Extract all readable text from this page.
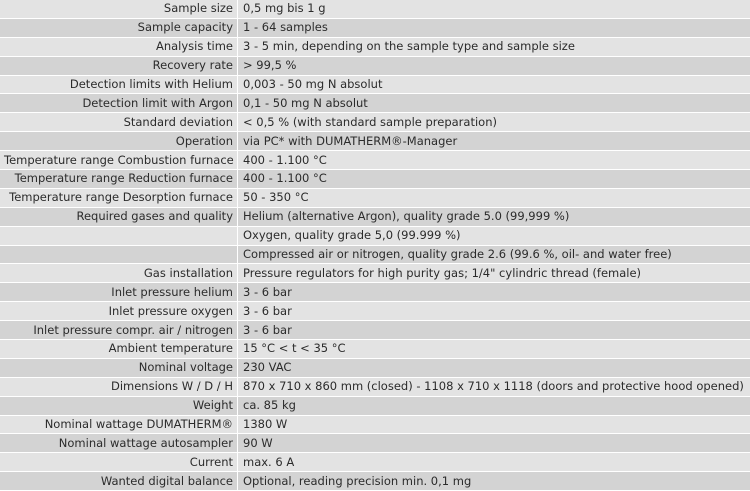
Sample size	0,5 mg bis 1 g
Sample capacity	1 - 64 samples
Analysis time	3 - 5 min, depending on the sample type and sample size
Recovery rate	> 99,5 %
Detection limits with Helium	0,003 - 50 mg N absolut
Detection limit with Argon	0,1 - 50 mg N absolut
Standard deviation	< 0,5 % (with standard sample preparation)
Operation	via PC* with DUMATHERM®-Manager
Temperature range Combustion furnace	400 - 1.100 °C
Temperature range Reduction furnace	400 - 1.100 °C
Temperature range Desorption furnace	50 - 350 °C
Required gases and quality	Helium (alternative Argon), quality grade 5.0 (99,999 %)
	Oxygen, quality grade 5,0 (99.999 %)
	Compressed air or nitrogen, quality grade 2.6 (99.6 %, oil- and water free)
Gas installation	Pressure regulators for high purity gas; 1/4" cylindric thread (female)
Inlet pressure helium	3 - 6 bar
Inlet pressure oxygen	3 - 6 bar
Inlet pressure compr. air / nitrogen	3 - 6 bar
Ambient temperature	15 °C < t < 35 °C
Nominal voltage	230 VAC
Dimensions W / D / H	870 x 710 x 860 mm (closed) - 1108 x 710 x 1118 (doors and protective hood opened)
Weight	ca. 85 kg
Nominal wattage DUMATHERM®	1380 W
Nominal wattage autosampler	90 W
Current	max. 6 A
Wanted digital balance	Optional, reading precision min. 0,1 mg
